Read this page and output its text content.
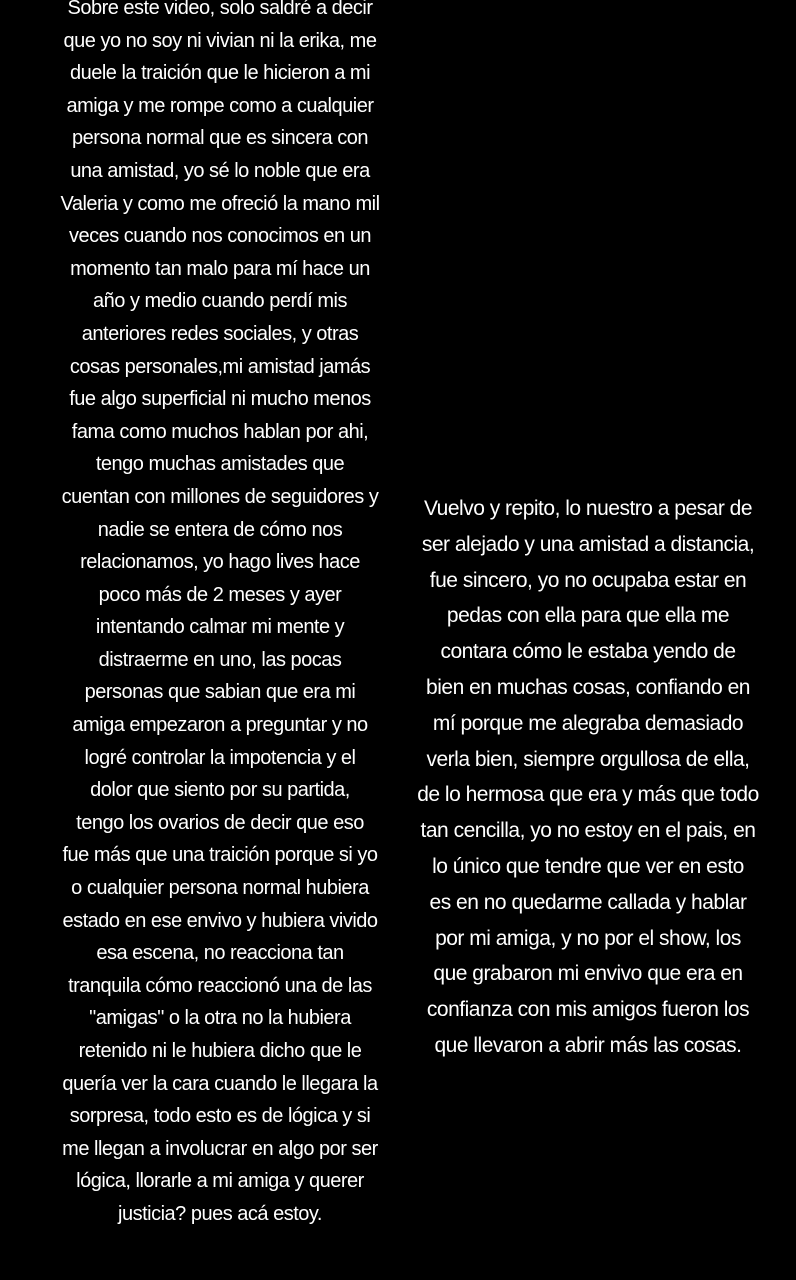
Sobre este video, solo saldré a decir
que yo no soy ni vivian ni la erika, me
duele la traición que le hicieron a mi
amiga y me rompe como a cualquier
persona normal que es sincera con
una amistad, yo sé lo noble que era
Valeria y como me ofreció la mano mil
veces cuando nos conocimos en un
momento tan malo para mí hace un
año y medio cuando perdí mis
anteriores redes sociales, y otras
cosas personales,mi amistad jamás
fue algo superficial ni mucho menos
fama como muchos hablan por ahi,
tengo muchas amistades que
cuentan con millones de seguidores y
nadie se entera de cómo nos
relacionamos, yo hago lives hace
poco más de 2 meses y ayer
intentando calmar mi mente y
distraerme en uno, las pocas
personas que sabian que era mi
amiga empezaron a preguntar y no
logré controlar la impotencia y el
dolor que siento por su partida,
tengo los ovarios de decir que eso
fue más que una traición porque si yo
o cualquier persona normal hubiera
estado en ese envivo y hubiera vivido
esa escena, no reacciona tan
tranquila cómo reaccionó una de las
"amigas" o la otra no la hubiera
retenido ni le hubiera dicho que le
quería ver la cara cuando le llegara la
sorpresa, todo esto es de lógica y si
me llegan a involucrar en algo por ser
lógica, llorarle a mi amiga y querer
justicia? pues acá estoy.
Vuelvo y repito, lo nuestro a pesar de
ser alejado y una amistad a distancia,
fue sincero, yo no ocupaba estar en
pedas con ella para que ella me
contara cómo le estaba yendo de
bien en muchas cosas, confiando en
mí porque me alegraba demasiado
verla bien, siempre orgullosa de ella,
de lo hermosa que era y más que todo
tan cencilla, yo no estoy en el pais, en
lo único que tendre que ver en esto
es en no quedarme callada y hablar
por mi amiga, y no por el show, los
que grabaron mi envivo que era en
confianza con mis amigos fueron los
que llevaron a abrir más las cosas.
